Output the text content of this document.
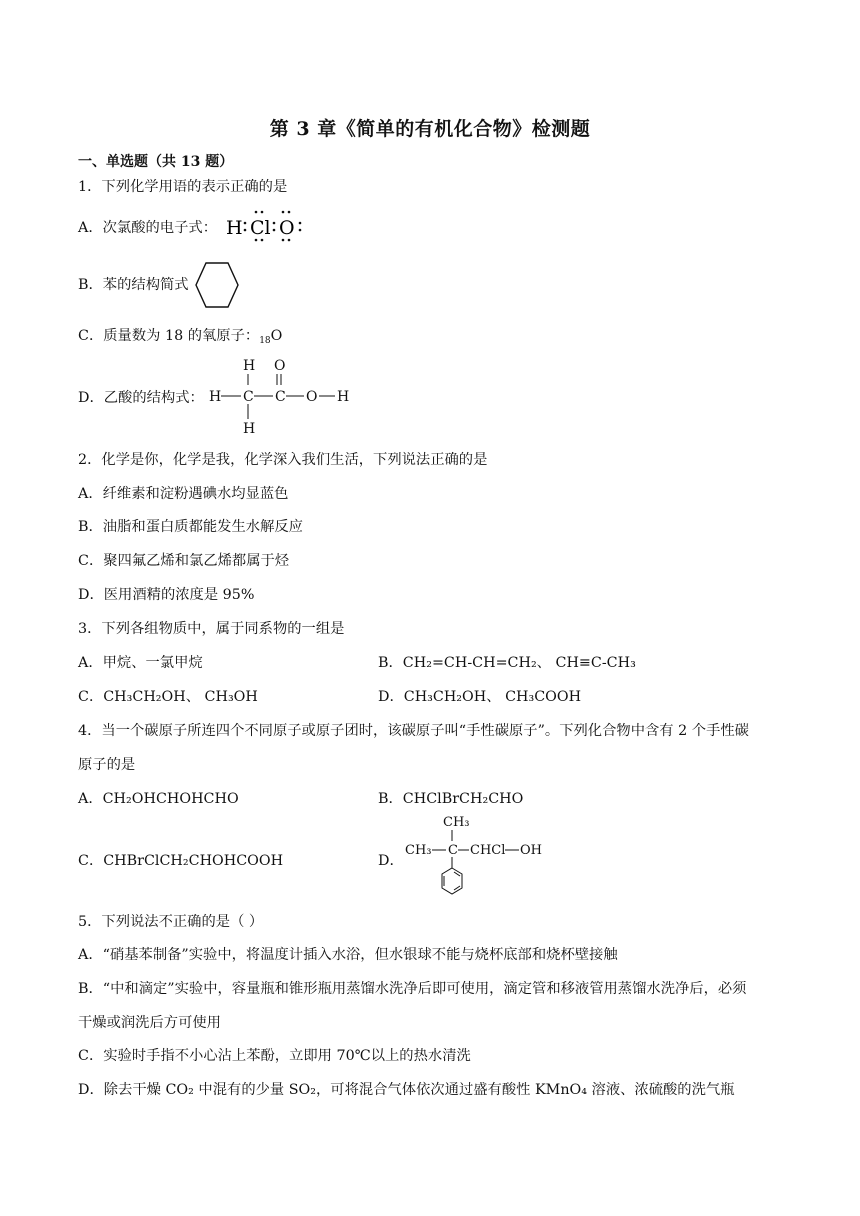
第 3 章《简单的有机化合物》检测题
一、单选题（共 13 题）
1．下列化学用语的表示正确的是
A．次氯酸的电子式： H Cl O
B．苯的结构简式
C．质量数为 18 的氧原子：$_{18}$O
D．乙酸的结构式：
H
H
H
C C
O
O H
2．化学是你，化学是我，化学深入我们生活，下列说法正确的是
A．纤维素和淀粉遇碘水均显蓝色
B．油脂和蛋白质都能发生水解反应
C．聚四氟乙烯和氯乙烯都属于烃
D．医用酒精的浓度是 95%
3．下列各组物质中，属于同系物的一组是
A．甲烷、一氯甲烷	B．CH₂=CH-CH=CH₂、 CH≡C-CH₃
C．CH₃CH₂OH、 CH₃OH	D．CH₃CH₂OH、 CH₃COOH
4．当一个碳原子所连四个不同原子或原子团时，该碳原子叫“手性碳原子”。下列化合物中含有 2 个手性碳
原子的是
A．CH₂OHCHOHCHO	B．CHClBrCH₂CHO
C．CHBrClCH₂CHOHCOOH	D．
CH₃
CH₃ C CHCl OH
5．下列说法不正确的是（ ）
A．“硝基苯制备”实验中，将温度计插入水浴，但水银球不能与烧杯底部和烧杯壁接触
B．“中和滴定”实验中，容量瓶和锥形瓶用蒸馏水洗净后即可使用，滴定管和移液管用蒸馏水洗净后，必须
干燥或润洗后方可使用
C．实验时手指不小心沾上苯酚，立即用 70℃以上的热水清洗
D．除去干燥 CO₂ 中混有的少量 SO₂，可将混合气体依次通过盛有酸性 KMnO₄ 溶液、浓硫酸的洗气瓶
